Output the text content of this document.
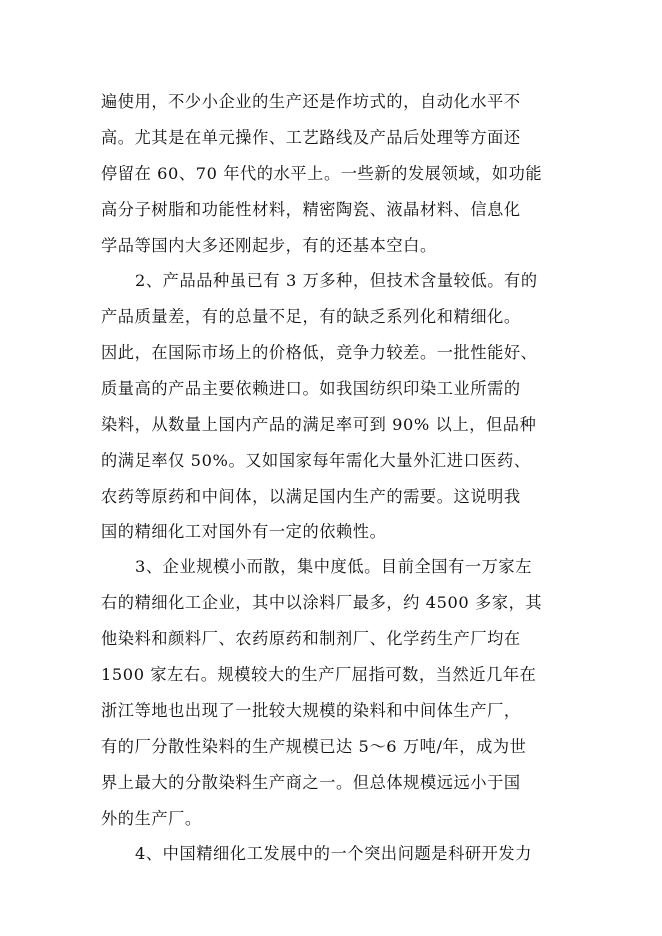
遍使用，不少小企业的生产还是作坊式的，自动化水平不
高。尤其是在单元操作、工艺路线及产品后处理等方面还
停留在 60、70 年代的水平上。一些新的发展领域，如功能
高分子树脂和功能性材料，精密陶瓷、液晶材料、信息化
学品等国内大多还刚起步，有的还基本空白。
2、产品品种虽已有 3 万多种，但技术含量较低。有的
产品质量差，有的总量不足，有的缺乏系列化和精细化。
因此，在国际市场上的价格低，竞争力较差。一批性能好、
质量高的产品主要依赖进口。如我国纺织印染工业所需的
染料，从数量上国内产品的满足率可到 90% 以上，但品种
的满足率仅 50%。又如国家每年需化大量外汇进口医药、
农药等原药和中间体，以满足国内生产的需要。这说明我
国的精细化工对国外有一定的依赖性。
3、企业规模小而散，集中度低。目前全国有一万家左
右的精细化工企业，其中以涂料厂最多，约 4500 多家，其
他染料和颜料厂、农药原药和制剂厂、化学药生产厂均在
1500 家左右。规模较大的生产厂屈指可数，当然近几年在
浙江等地也出现了一批较大规模的染料和中间体生产厂，
有的厂分散性染料的生产规模已达 5～6 万吨/年，成为世
界上最大的分散染料生产商之一。但总体规模远远小于国
外的生产厂。
4、中国精细化工发展中的一个突出问题是科研开发力
